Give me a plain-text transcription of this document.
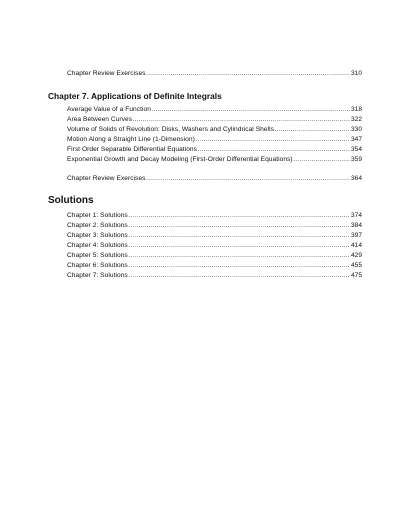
Chapter Review Exercises .....	310
Chapter 7. Applications of Definite Integrals
Average Value of a Function .....	318
Area Between Curves .....	322
Volume of Solids of Revolution: Disks, Washers and Cylindrical Shells .....	330
Motion Along a Straight Line (1-Dimension) .....	347
First Order Separable Differential Equations .....	354
Exponential Growth and Decay Modeling (First-Order Differential Equations) .....	359
Chapter Review Exercises .....	364
Solutions
Chapter 1: Solutions .....	374
Chapter 2: Solutions .....	384
Chapter 3: Solutions .....	397
Chapter 4: Solutions .....	414
Chapter 5: Solutions .....	429
Chapter 6: Solutions .....	455
Chapter 7: Solutions .....	475
